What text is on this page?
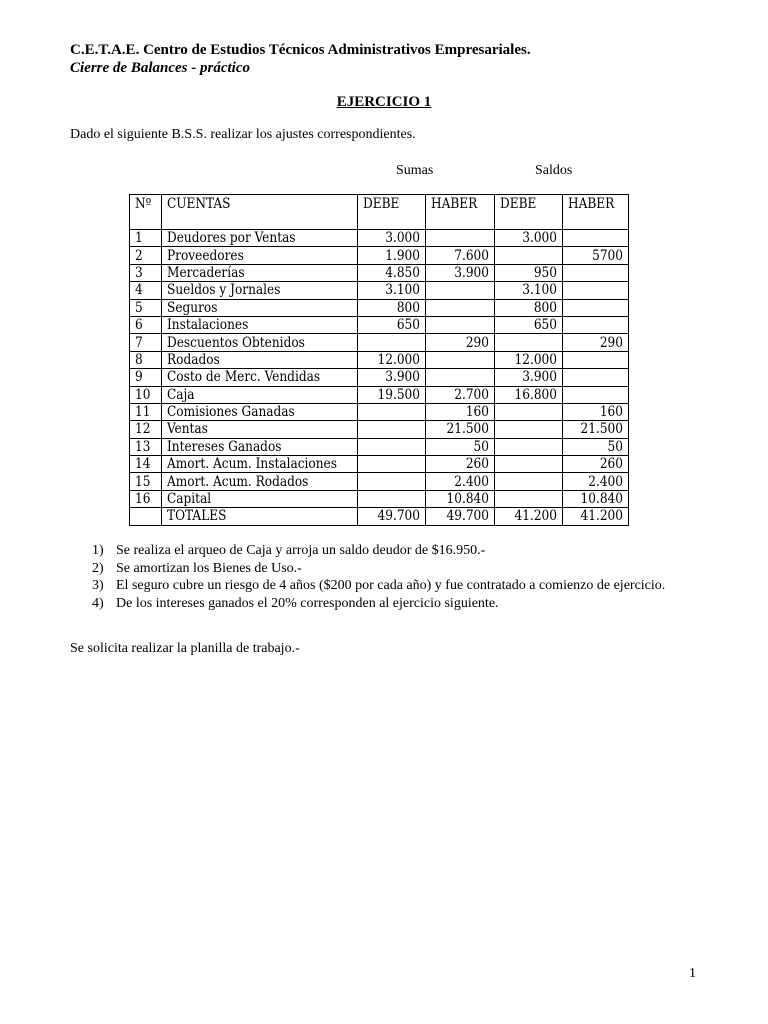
C.E.T.A.E. Centro de Estudios Técnicos Administrativos Empresariales.
Cierre de Balances - práctico
EJERCICIO 1
Dado el siguiente B.S.S. realizar los ajustes correspondientes.
Sumas	Saldos
Nº	CUENTAS	DEBE	HABER	DEBE	HABER
1	Deudores por Ventas	3.000		3.000	
2	Proveedores	1.900	7.600		5700
3	Mercaderías	4.850	3.900	950	
4	Sueldos y Jornales	3.100		3.100	
5	Seguros	800		800	
6	Instalaciones	650		650	
7	Descuentos Obtenidos		290		290
8	Rodados	12.000		12.000	
9	Costo de Merc. Vendidas	3.900		3.900	
10	Caja	19.500	2.700	16.800	
11	Comisiones Ganadas		160		160
12	Ventas		21.500		21.500
13	Intereses Ganados		50		50
14	Amort. Acum. Instalaciones		260		260
15	Amort. Acum. Rodados		2.400		2.400
16	Capital		10.840		10.840
	TOTALES	49.700	49.700	41.200	41.200
1) Se realiza el arqueo de Caja y arroja un saldo deudor de $16.950.-
2) Se amortizan los Bienes de Uso.-
3) El seguro cubre un riesgo de 4 años ($200 por cada año) y fue contratado a comienzo de ejercicio.
4) De los intereses ganados el 20% corresponden al ejercicio siguiente.
Se solicita realizar la planilla de trabajo.-
1
